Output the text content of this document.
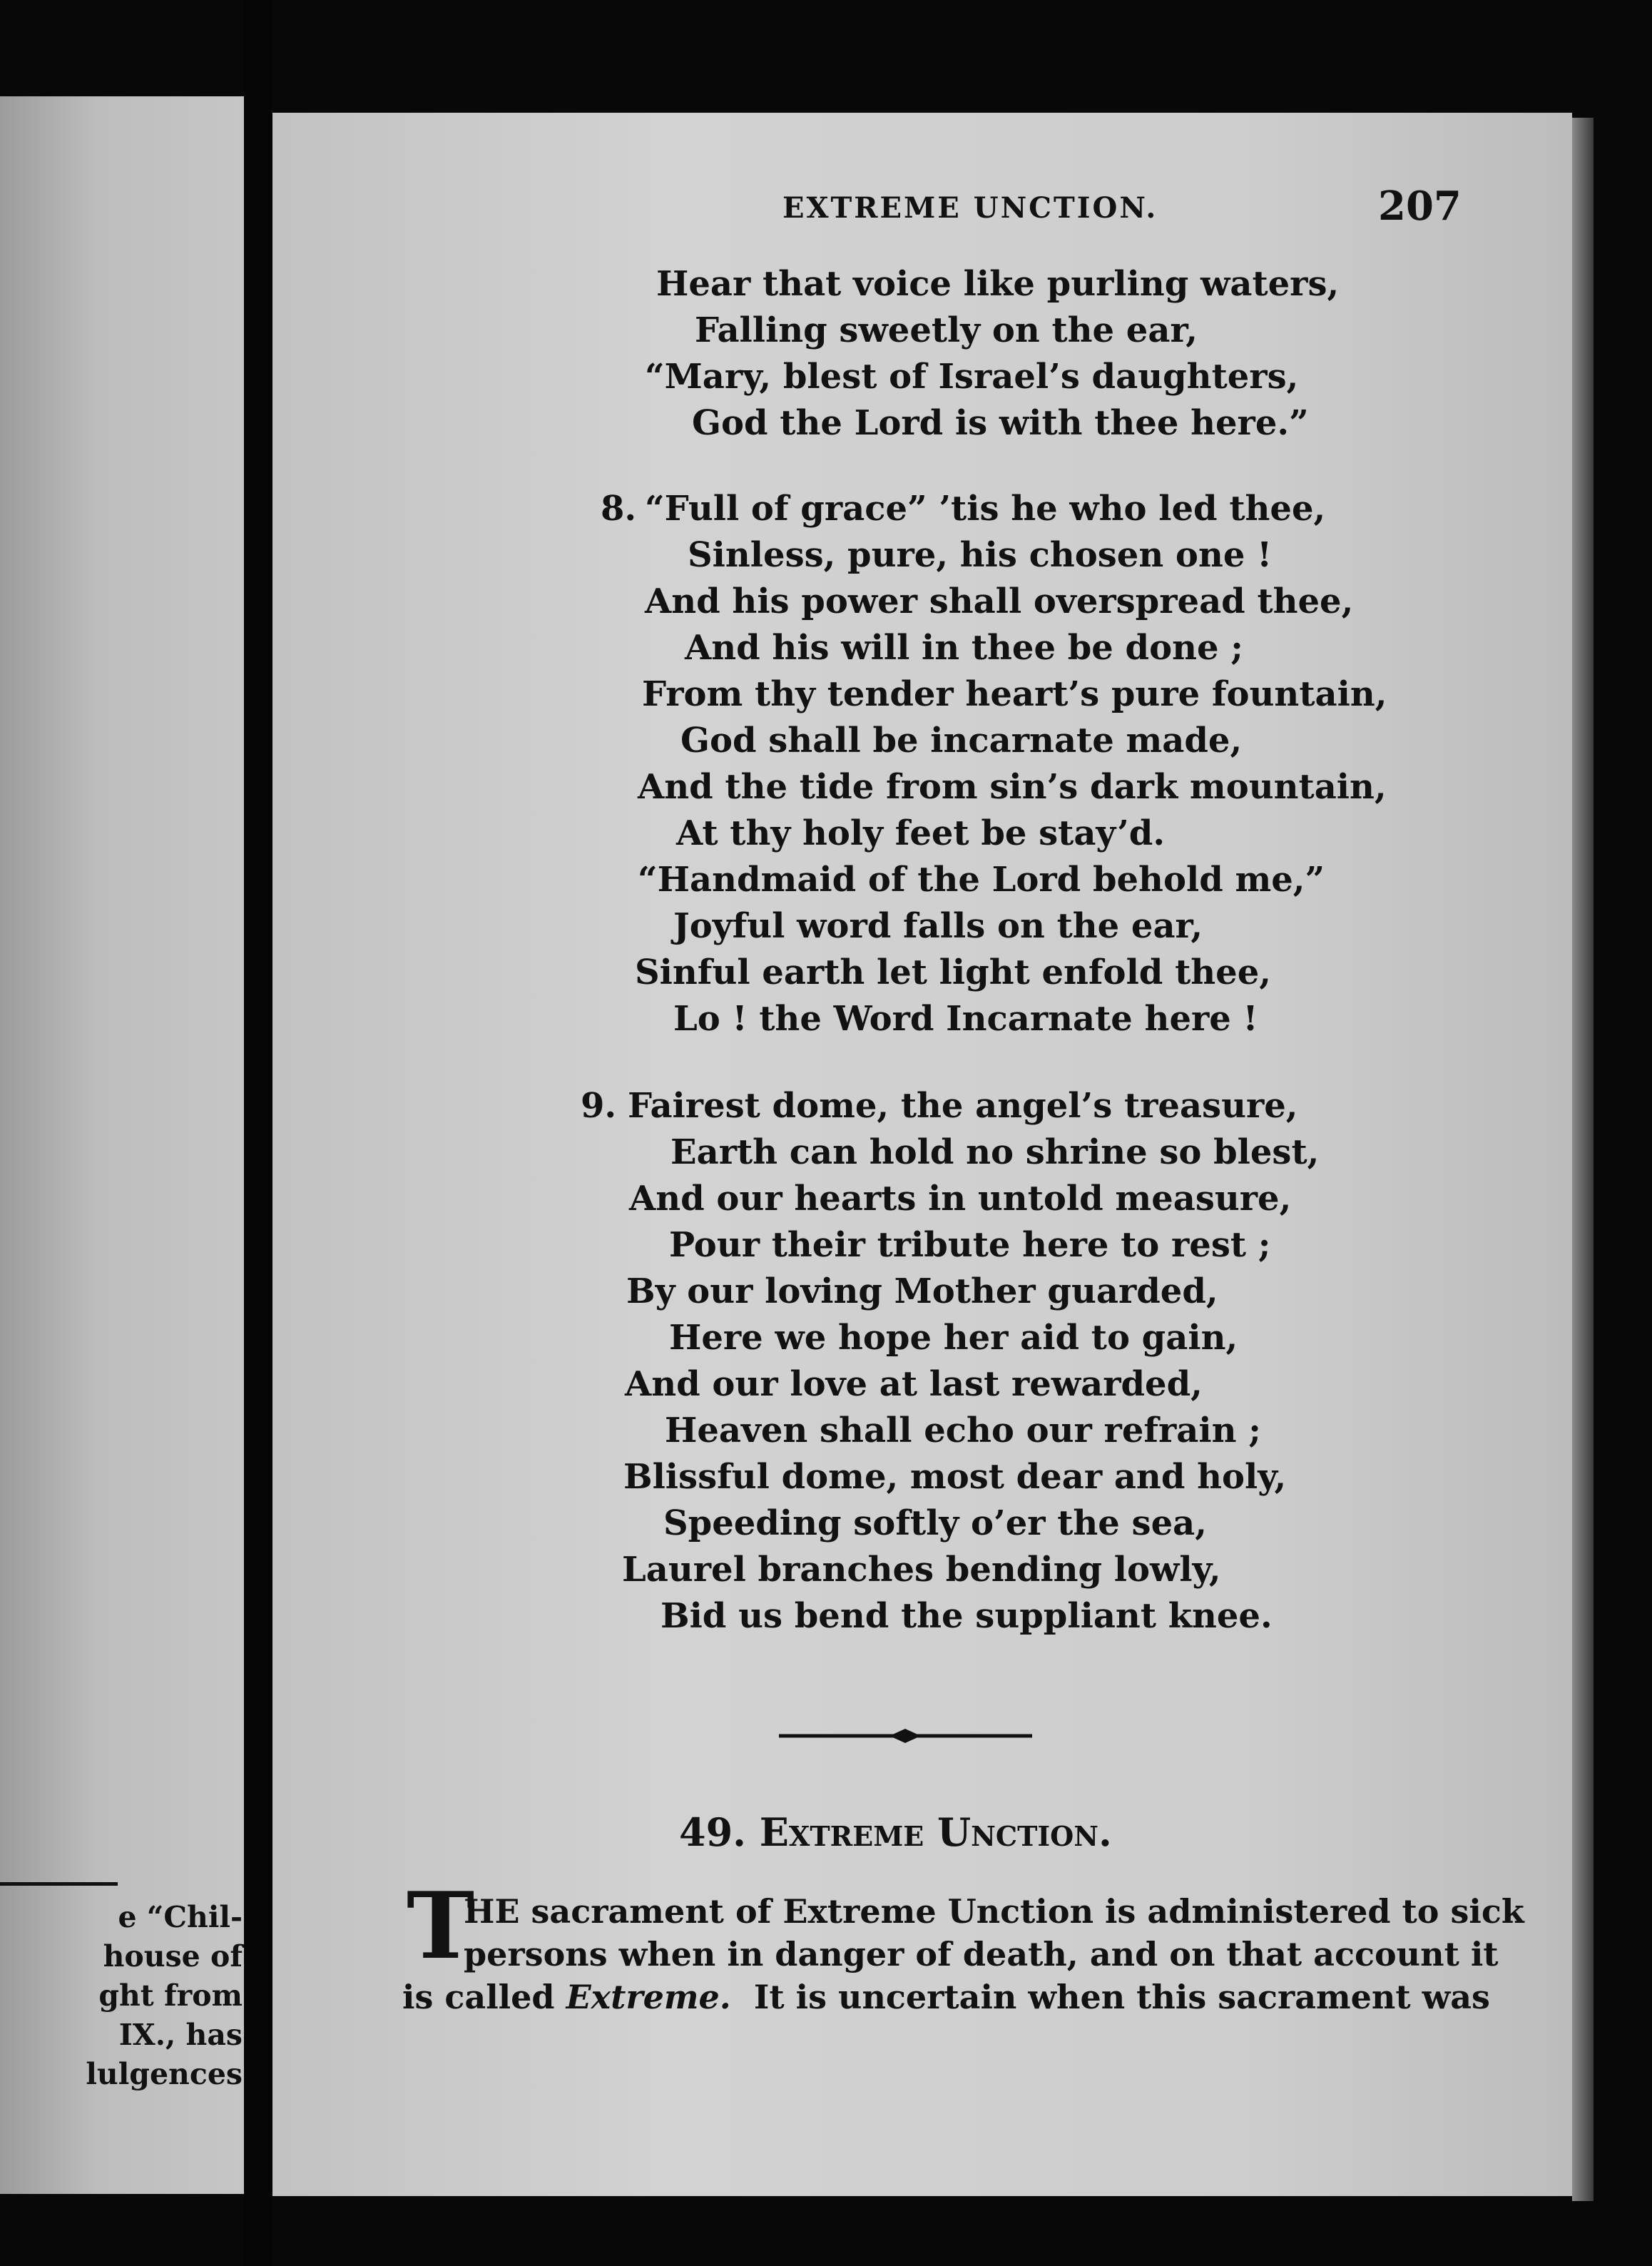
e “Chil-
house of
ght from
IX., has
lulgences
EXTREME UNCTION.	207
Hear that voice like purling waters,
Falling sweetly on the ear,
“Mary, blest of Israel’s daughters,
God the Lord is with thee here.”
8. “Full of grace” ’tis he who led thee,
Sinless, pure, his chosen one !
And his power shall overspread thee,
And his will in thee be done ;
From thy tender heart’s pure fountain,
God shall be incarnate made,
And the tide from sin’s dark mountain,
At thy holy feet be stay’d.
“Handmaid of the Lord behold me,”
Joyful word falls on the ear,
Sinful earth let light enfold thee,
Lo ! the Word Incarnate here !
9. Fairest dome, the angel’s treasure,
Earth can hold no shrine so blest,
And our hearts in untold measure,
Pour their tribute here to rest ;
By our loving Mother guarded,
Here we hope her aid to gain,
And our love at last rewarded,
Heaven shall echo our refrain ;
Blissful dome, most dear and holy,
Speeding softly o’er the sea,
Laurel branches bending lowly,
Bid us bend the suppliant knee.
49. Extreme Unction.
T
HE sacrament of Extreme Unction is administered to sick
persons when in danger of death, and on that account it
is called Extreme.  It is uncertain when this sacrament was
